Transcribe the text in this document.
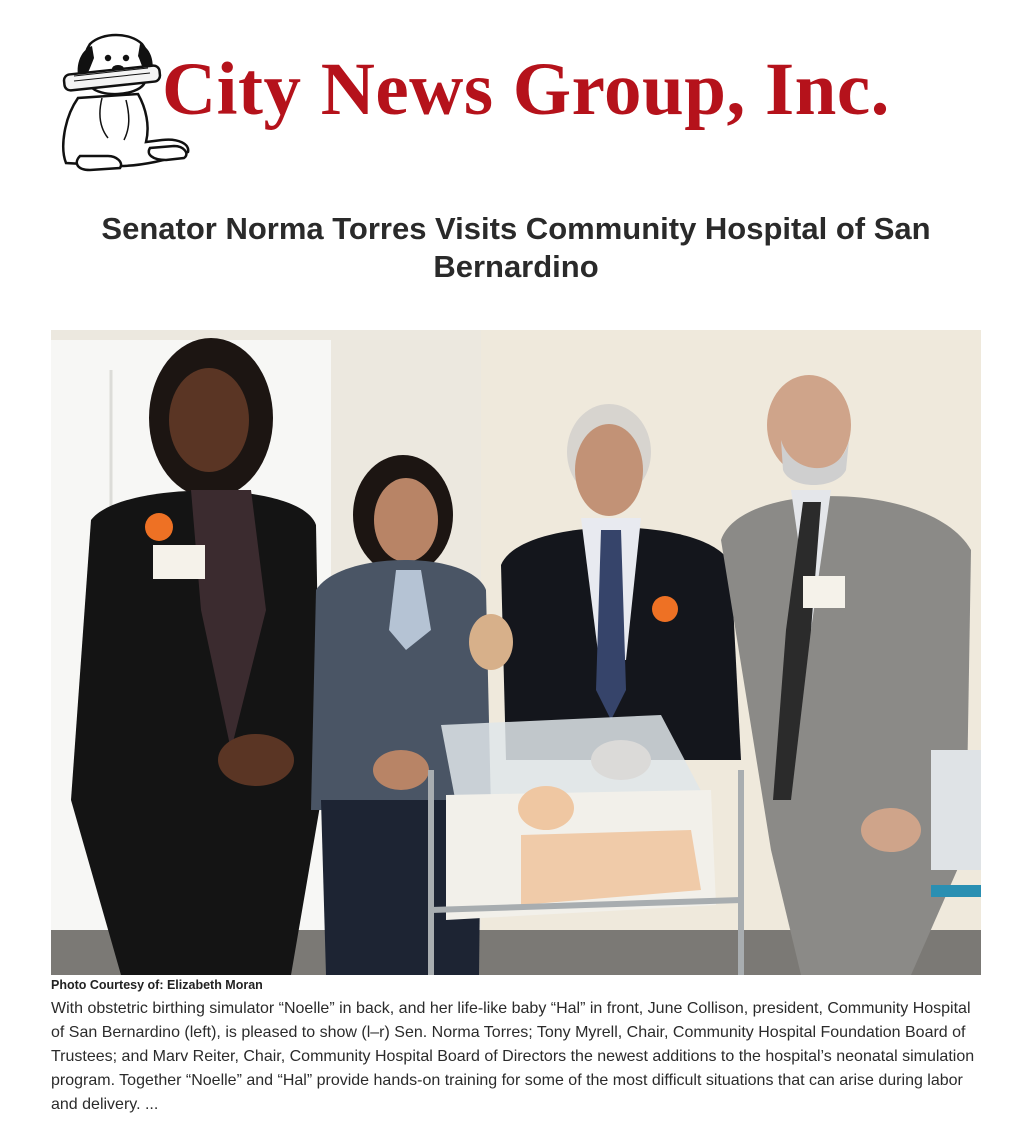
City News Group, Inc.
Senator Norma Torres Visits Community Hospital of San Bernardino
Photo Courtesy of: Elizabeth Moran

With obstetric birthing simulator “Noelle” in back, and her life-like baby “Hal” in front, June Collison, president, Community Hospital of San Bernardino (left), is pleased to show (l–r) Sen. Norma Torres; Tony Myrell, Chair, Community Hospital Foundation Board of Trustees; and Marv Reiter, Chair, Community Hospital Board of Directors the newest additions to the hospital’s neonatal simulation program. Together “Noelle” and “Hal” provide hands-on training for some of the most difficult situations that can arise during labor and delivery. ...
